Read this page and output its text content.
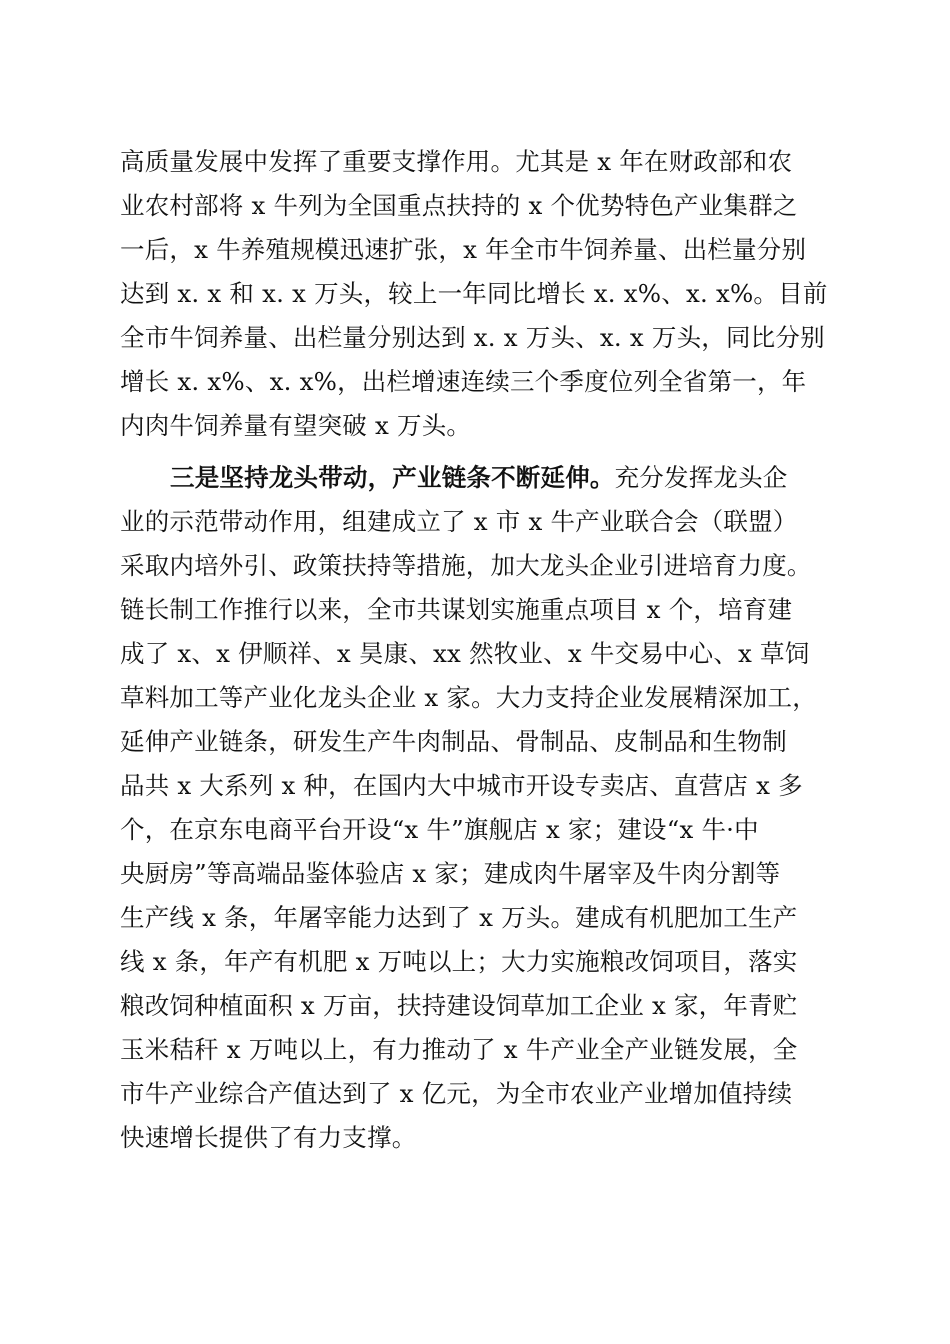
高质量发展中发挥了重要支撑作用。尤其是 x 年在财政部和农
业农村部将 x 牛列为全国重点扶持的 x 个优势特色产业集群之
一后，x 牛养殖规模迅速扩张，x 年全市牛饲养量、出栏量分别
达到 x. x 和 x. x 万头，较上一年同比增长 x. x%、x. x%。目前
全市牛饲养量、出栏量分别达到 x. x 万头、x. x 万头，同比分别
增长 x. x%、x. x%，出栏增速连续三个季度位列全省第一，年
内肉牛饲养量有望突破 x 万头。
三是坚持龙头带动，产业链条不断延伸。充分发挥龙头企
业的示范带动作用，组建成立了 x 市 x 牛产业联合会（联盟）
采取内培外引、政策扶持等措施，加大龙头企业引进培育力度。
链长制工作推行以来，全市共谋划实施重点项目 x 个，培育建
成了 x、x 伊顺祥、x 昊康、xx 然牧业、x 牛交易中心、x 草饲
草料加工等产业化龙头企业 x 家。大力支持企业发展精深加工，
延伸产业链条，研发生产牛肉制品、骨制品、皮制品和生物制
品共 x 大系列 x 种，在国内大中城市开设专卖店、直营店 x 多
个，在京东电商平台开设“x 牛”旗舰店 x 家；建设“x 牛·中
央厨房”等高端品鉴体验店 x 家；建成肉牛屠宰及牛肉分割等
生产线 x 条，年屠宰能力达到了 x 万头。建成有机肥加工生产
线 x 条，年产有机肥 x 万吨以上；大力实施粮改饲项目，落实
粮改饲种植面积 x 万亩，扶持建设饲草加工企业 x 家，年青贮
玉米秸秆 x 万吨以上，有力推动了 x 牛产业全产业链发展，全
市牛产业综合产值达到了 x 亿元，为全市农业产业增加值持续
快速增长提供了有力支撑。
